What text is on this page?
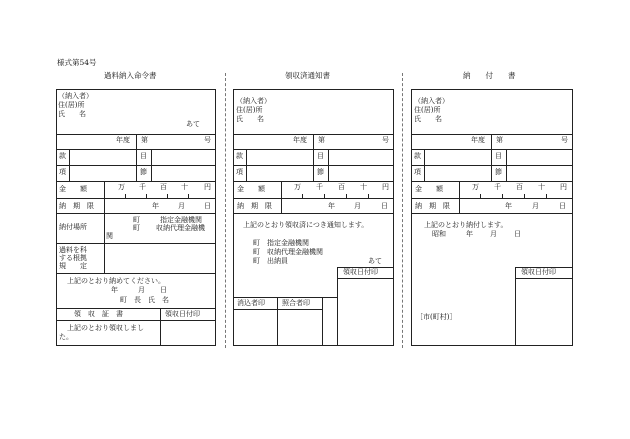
様式第54号
過料納入命令書
（納入者）
住(居)所
氏　　名
あて
年度 第	号
款	目
項	節
金　　額	万 千 百 十 円
納　期　限	年	月	日
納付場所
町	指定金融機関
町 収納代理金融機
関
過料を科
する根拠
規　　定
上記のとおり納めてください。
年	月 日
町　長　氏　名
領　収　証　書	領収日付印
上記のとおり領収しまし
た。
領収済通知書
（納入者）
住(居)所
氏　　名
年度 第	号
款	目
項	節
金　　額	万 千 百 十 円
納　期　限	年	月	日
上記のとおり領収済につき通知します。
町　指定金融機関
町　収納代理金融機関
町　出納員	あて
領収日付印
消込者印 照合者印
納　　付　　書
（納入者）
住(居)所
氏　　名
年度 第	号
款	目
項	節
金　　額	万 千 百 十 円
納　期　限	年	月	日
上記のとおり納付します。
昭和	年 月 日
領収日付印
［市(町村)］
